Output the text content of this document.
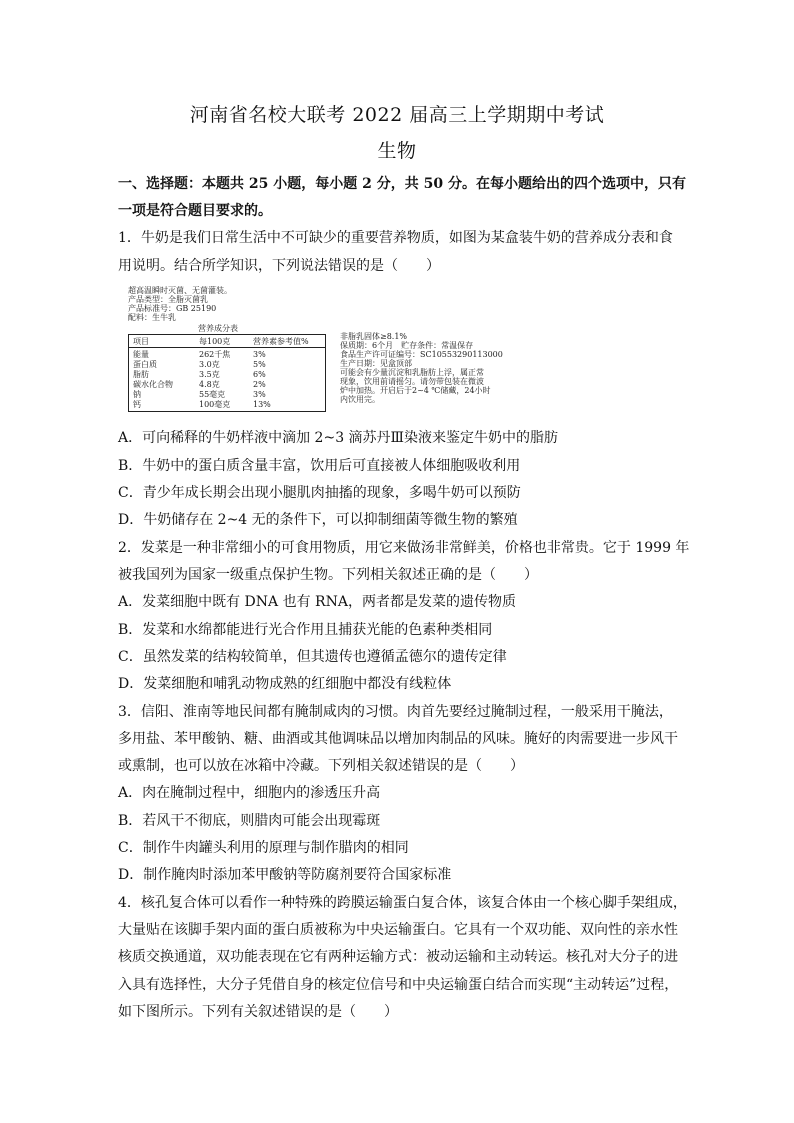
河南省名校大联考 2022 届高三上学期期中考试
生物
一、选择题：本题共 25 小题，每小题 2 分，共 50 分。在每小题给出的四个选项中，只有
一项是符合题目要求的。
1．牛奶是我们日常生活中不可缺少的重要营养物质，如图为某盒装牛奶的营养成分表和食
用说明。结合所学知识，下列说法错误的是（　　）
超高温瞬时灭菌、无菌灌装。
产品类型：全脂灭菌乳
产品标准号：GB 25190
配料：生牛乳
营养成分表
项目	每100克	营养素参考值%
能量	262千焦	3%
蛋白质	3.0克	5%
脂肪	3.5克	6%
碳水化合物	4.8克	2%
钠	55毫克	3%
钙	100毫克	13%
非脂乳固体≥8.1%
保质期：6个月　贮存条件：常温保存
食品生产许可证编号：SC10553290113000
生产日期：见盒顶部
可能会有少量沉淀和乳脂肪上浮，属正常
现象，饮用前请摇匀。请勿带包装在微波
炉中加热。开启后于2~4 ℃储藏，24小时
内饮用完。
A．可向稀释的牛奶样液中滴加 2~3 滴苏丹Ⅲ染液来鉴定牛奶中的脂肪
B．牛奶中的蛋白质含量丰富，饮用后可直接被人体细胞吸收利用
C．青少年成长期会出现小腿肌肉抽搐的现象，多喝牛奶可以预防
D．牛奶储存在 2~4 无的条件下，可以抑制细菌等微生物的繁殖
2．发菜是一种非常细小的可食用物质，用它来做汤非常鲜美，价格也非常贵。它于 1999 年
被我国列为国家一级重点保护生物。下列相关叙述正确的是（　　）
A．发菜细胞中既有 DNA 也有 RNA，两者都是发菜的遗传物质
B．发菜和水绵都能进行光合作用且捕获光能的色素种类相同
C．虽然发菜的结构较简单，但其遗传也遵循孟德尔的遗传定律
D．发菜细胞和哺乳动物成熟的红细胞中都没有线粒体
3．信阳、淮南等地民间都有腌制咸肉的习惯。肉首先要经过腌制过程，一般采用干腌法，
多用盐、苯甲酸钠、糖、曲酒或其他调味品以增加肉制品的风味。腌好的肉需要进一步风干
或熏制，也可以放在冰箱中冷藏。下列相关叙述错误的是（　　）
A．肉在腌制过程中，细胞内的渗透压升高
B．若风干不彻底，则腊肉可能会出现霉斑
C．制作牛肉罐头利用的原理与制作腊肉的相同
D．制作腌肉时添加苯甲酸钠等防腐剂要符合国家标准
4．核孔复合体可以看作一种特殊的跨膜运输蛋白复合体，该复合体由一个核心脚手架组成，
大量贴在该脚手架内面的蛋白质被称为中央运输蛋白。它具有一个双功能、双向性的亲水性
核质交换通道，双功能表现在它有两种运输方式：被动运输和主动转运。核孔对大分子的进
入具有选择性，大分子凭借自身的核定位信号和中央运输蛋白结合而实现“主动转运”过程，
如下图所示。下列有关叙述错误的是（　　）
